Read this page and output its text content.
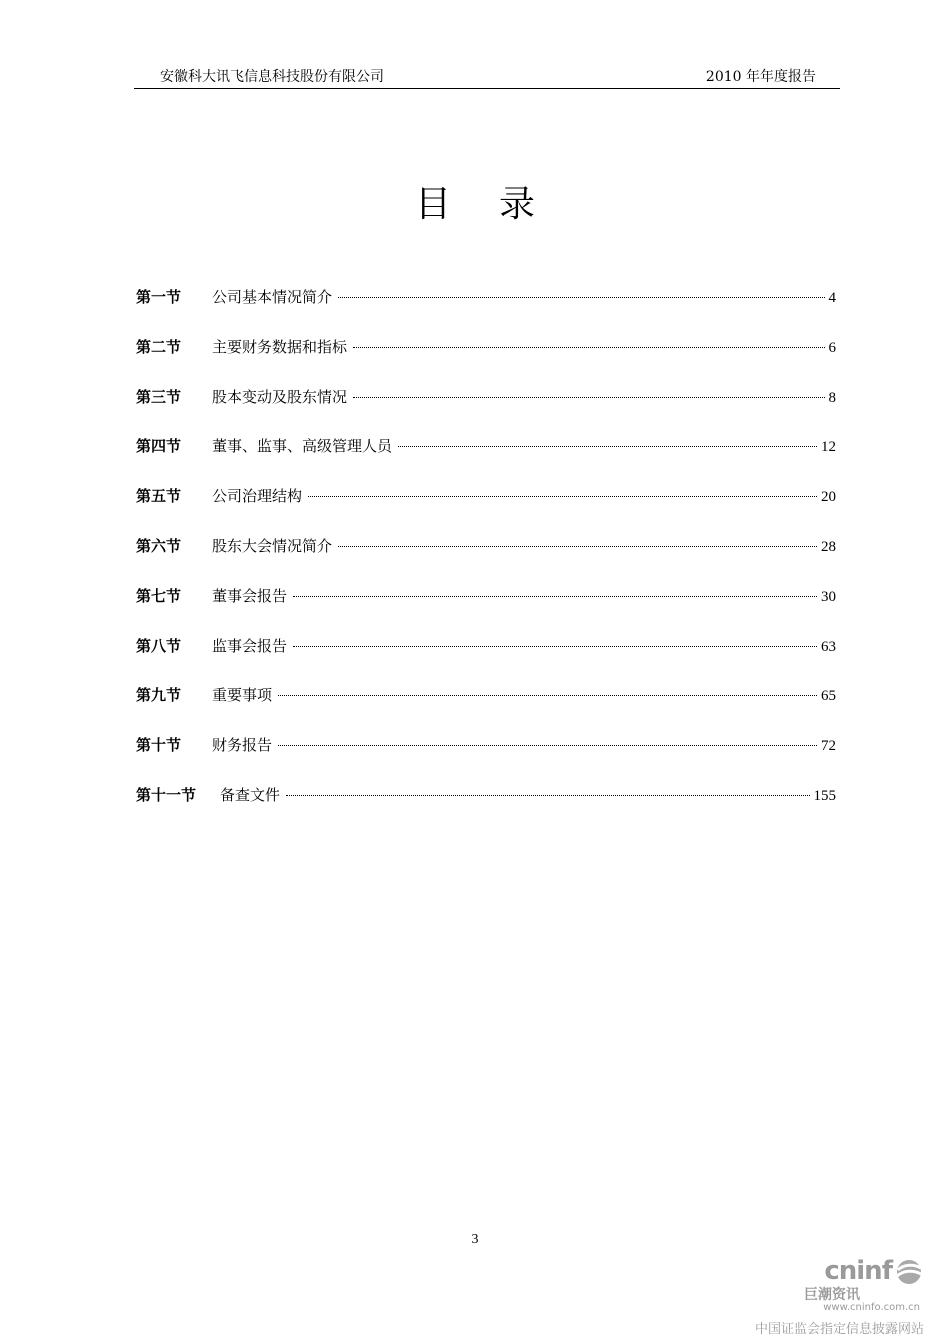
安徽科大讯飞信息科技股份有限公司	2010 年年度报告
目录
第一节	公司基本情况简介	4
第二节	主要财务数据和指标	6
第三节	股本变动及股东情况	8
第四节	董事、监事、高级管理人员	12
第五节	公司治理结构	20
第六节	股东大会情况简介	28
第七节	董事会报告	30
第八节	监事会报告	63
第九节	重要事项	65
第十节	财务报告	72
第十一节	备查文件	155
3
cninf
巨潮资讯
www.cninfo.com.cn
中国证监会指定信息披露网站
